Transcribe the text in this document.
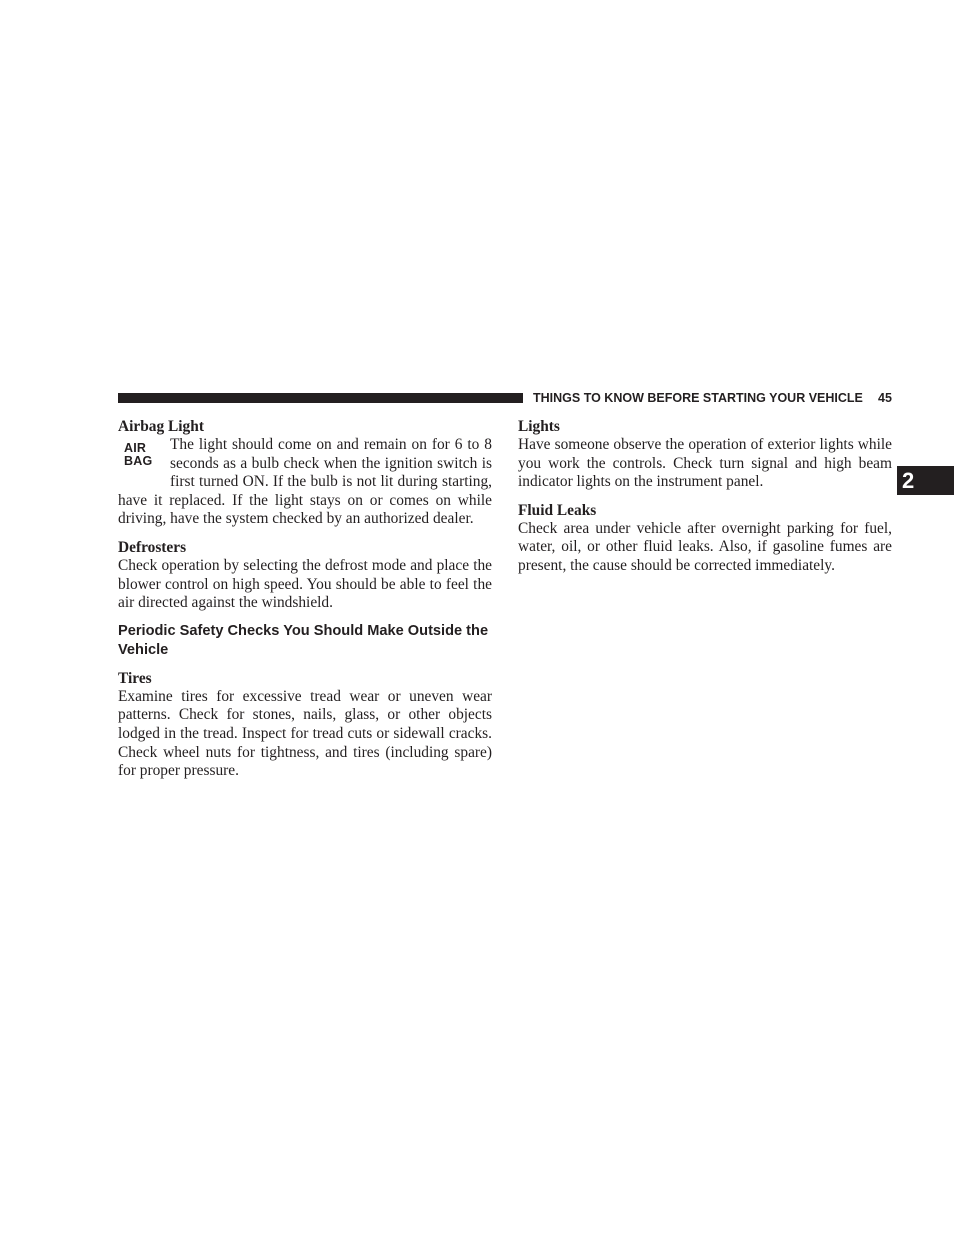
THINGS TO KNOW BEFORE STARTING YOUR VEHICLE	45
2
Airbag Light
AIR
BAG

The light should come on and remain on for 6 to 8 seconds as a bulb check when the ignition switch is first turned ON. If the bulb is not lit during starting, have it replaced. If the light stays on or comes on while driving, have the system checked by an authorized dealer.

Defrosters

Check operation by selecting the defrost mode and place the blower control on high speed. You should be able to feel the air directed against the windshield.

Periodic Safety Checks You Should Make Outside the Vehicle
Tires

Examine tires for excessive tread wear or uneven wear patterns. Check for stones, nails, glass, or other objects lodged in the tread. Inspect for tread cuts or sidewall cracks. Check wheel nuts for tightness, and tires (including spare) for proper pressure.

Lights

Have someone observe the operation of exterior lights while you work the controls. Check turn signal and high beam indicator lights on the instrument panel.

Fluid Leaks

Check area under vehicle after overnight parking for fuel, water, oil, or other fluid leaks. Also, if gasoline fumes are present, the cause should be corrected immediately.
